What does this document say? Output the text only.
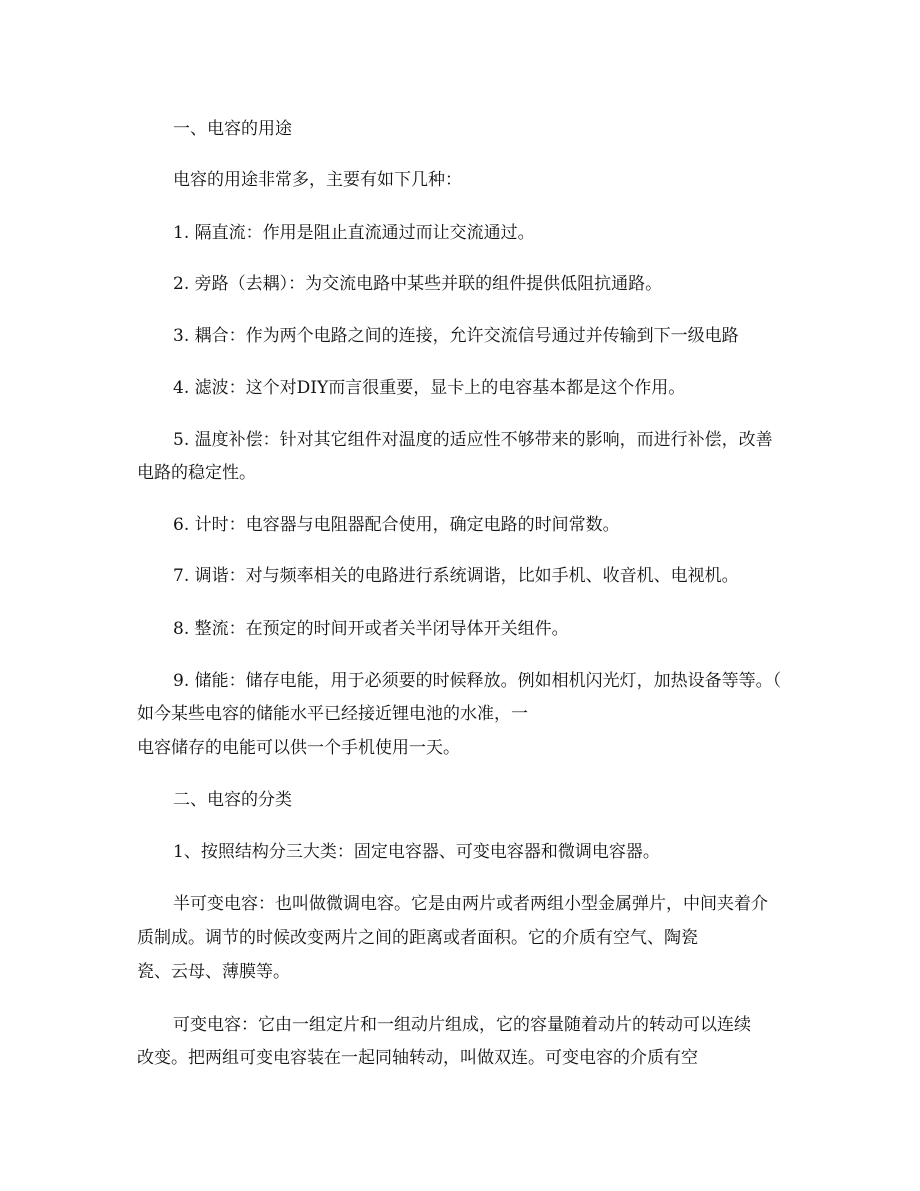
一、电容的用途
电容的用途非常多，主要有如下几种：
1. 隔直流：作用是阻止直流通过而让交流通过。
2. 旁路（去耦）：为交流电路中某些并联的组件提供低阻抗通路。
3. 耦合：作为两个电路之间的连接，允许交流信号通过并传输到下一级电路
4. 滤波：这个对DIY而言很重要，显卡上的电容基本都是这个作用。
5. 温度补偿：针对其它组件对温度的适应性不够带来的影响，而进行补偿，改善
电路的稳定性。
6. 计时：电容器与电阻器配合使用，确定电路的时间常数。
7. 调谐：对与频率相关的电路进行系统调谐，比如手机、收音机、电视机。
8. 整流：在预定的时间开或者关半闭导体开关组件。
9. 储能：储存电能，用于必须要的时候释放。例如相机闪光灯，加热设备等等。（
如今某些电容的储能水平已经接近锂电池的水准，一
电容储存的电能可以供一个手机使用一天。
二、电容的分类
1、按照结构分三大类：固定电容器、可变电容器和微调电容器。
半可变电容：也叫做微调电容。它是由两片或者两组小型金属弹片，中间夹着介
质制成。调节的时候改变两片之间的距离或者面积。它的介质有空气、陶瓷
瓷、云母、薄膜等。
可变电容：它由一组定片和一组动片组成，它的容量随着动片的转动可以连续
改变。把两组可变电容装在一起同轴转动，叫做双连。可变电容的介质有空
